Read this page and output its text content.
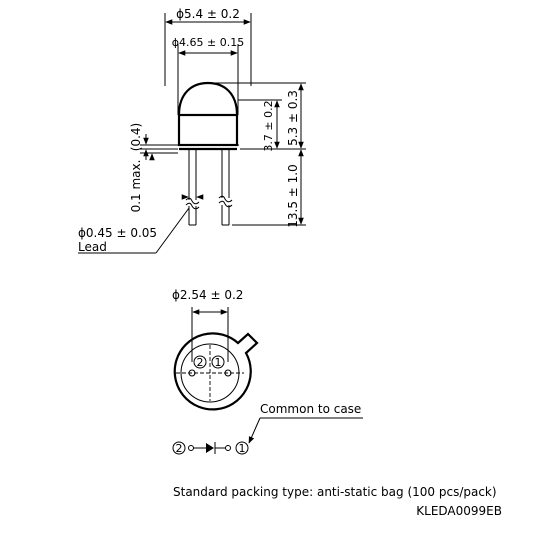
ϕ5.4 ± 0.2
ϕ4.65 ± 0.15
(0.4)
0.1 max.
3.7 ± 0.2 5.3 ± 0.3
13.5 ± 1.0
ϕ0.45 ± 0.05
Lead
ϕ2.54 ± 0.2
2 1
Common to case
2	1
Standard packing type: anti-static bag (100 pcs/pack)
KLEDA0099EB
